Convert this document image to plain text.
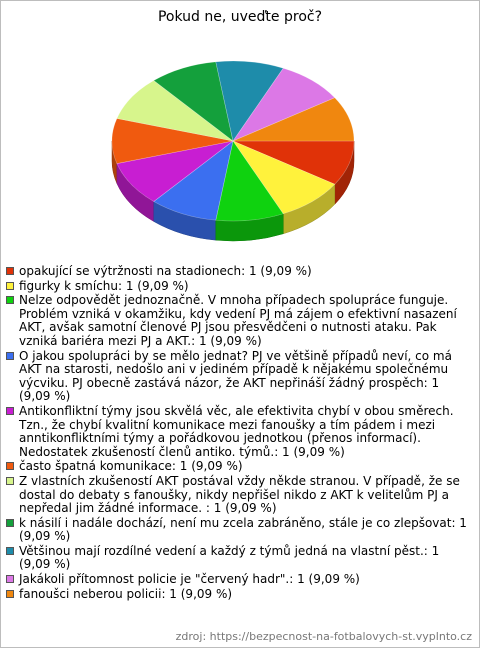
Pokud ne, uveďte proč?
opakující se výtržnosti na stadionech: 1 (9,09 %)
figurky k smíchu: 1 (9,09 %)
Nelze odpovědět jednoznačně. V mnoha případech spolupráce funguje. Problém vzniká v okamžiku, kdy vedení PJ má zájem o efektivní nasazení AKT, avšak samotní členové PJ jsou přesvědčeni o nutnosti ataku. Pak vzniká bariéra mezi PJ a AKT.: 1 (9,09 %)
O jakou spolupráci by se mělo jednat? PJ ve většině případů neví, co má AKT na starosti, nedošlo ani v jediném případě k nějakému společnému výcviku. PJ obecně zastává názor, že AKT nepřináší žádný prospěch: 1 (9,09 %)
Antikonfliktní týmy jsou skvělá věc, ale efektivita chybí v obou směrech. Tzn., že chybí kvalitní komunikace mezi fanoušky a tím pádem i mezi anntikonfliktními týmy a pořádkovou jednotkou (přenos informací). Nedostatek zkušeností členů antiko. týmů.: 1 (9,09 %)
často špatná komunikace: 1 (9,09 %)
Z vlastních zkušeností AKT postával vždy někde stranou. V případě, že se dostal do debaty s fanoušky, nikdy nepřišel nikdo z AKT k velitelům PJ a nepředal jim žádné informace. : 1 (9,09 %)
k násilí i nadále dochází, není mu zcela zabráněno, stále je co zlepšovat: 1 (9,09 %)
Většinou mají rozdílné vedení a každý z týmů jedná na vlastní pěst.: 1 (9,09 %)
Jakákoli přítomnost policie je "červený hadr".: 1 (9,09 %)
fanoušci neberou policii: 1 (9,09 %)
zdroj: https://bezpecnost-na-fotbalovych-st.vyplnto.cz
